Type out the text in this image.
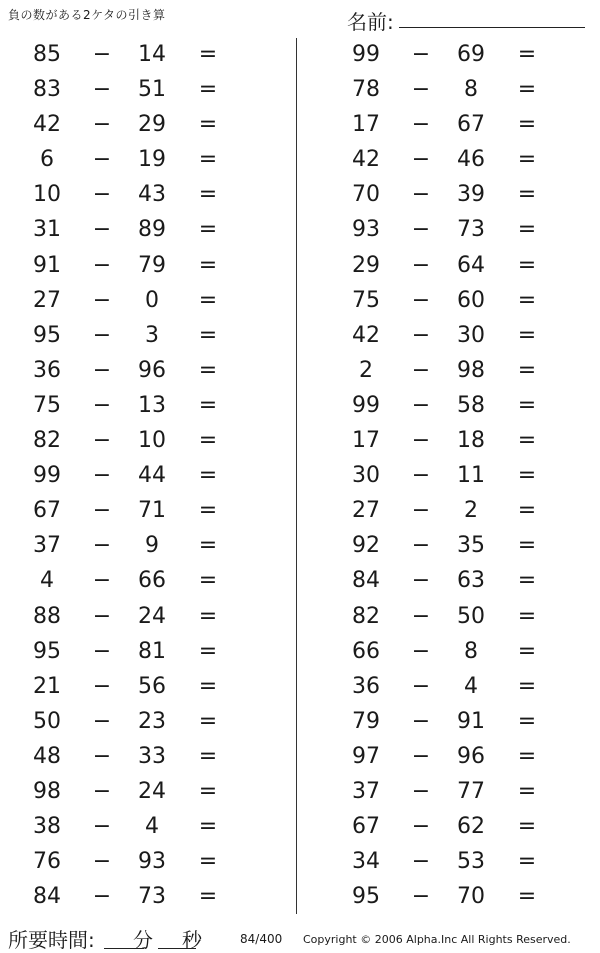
負の数がある2ケタの引き算	名前:
85	−	14	=
83	−	51	=
42	−	29	=
6	−	19	=
10	−	43	=
31	−	89	=
91	−	79	=
27	−	0	=
95	−	3	=
36	−	96	=
75	−	13	=
82	−	10	=
99	−	44	=
67	−	71	=
37	−	9	=
4	−	66	=
88	−	24	=
95	−	81	=
21	−	56	=
50	−	23	=
48	−	33	=
98	−	24	=
38	−	4	=
76	−	93	=
84	−	73	=
99	−	69	=
78	−	8	=
17	−	67	=
42	−	46	=
70	−	39	=
93	−	73	=
29	−	64	=
75	−	60	=
42	−	30	=
2	−	98	=
99	−	58	=
17	−	18	=
30	−	11	=
27	−	2	=
92	−	35	=
84	−	63	=
82	−	50	=
66	−	8	=
36	−	4	=
79	−	91	=
97	−	96	=
37	−	77	=
67	−	62	=
34	−	53	=
95	−	70	=
所要時間: 分 秒	84/400 Copyright © 2006 Alpha.Inc All Rights Reserved.
